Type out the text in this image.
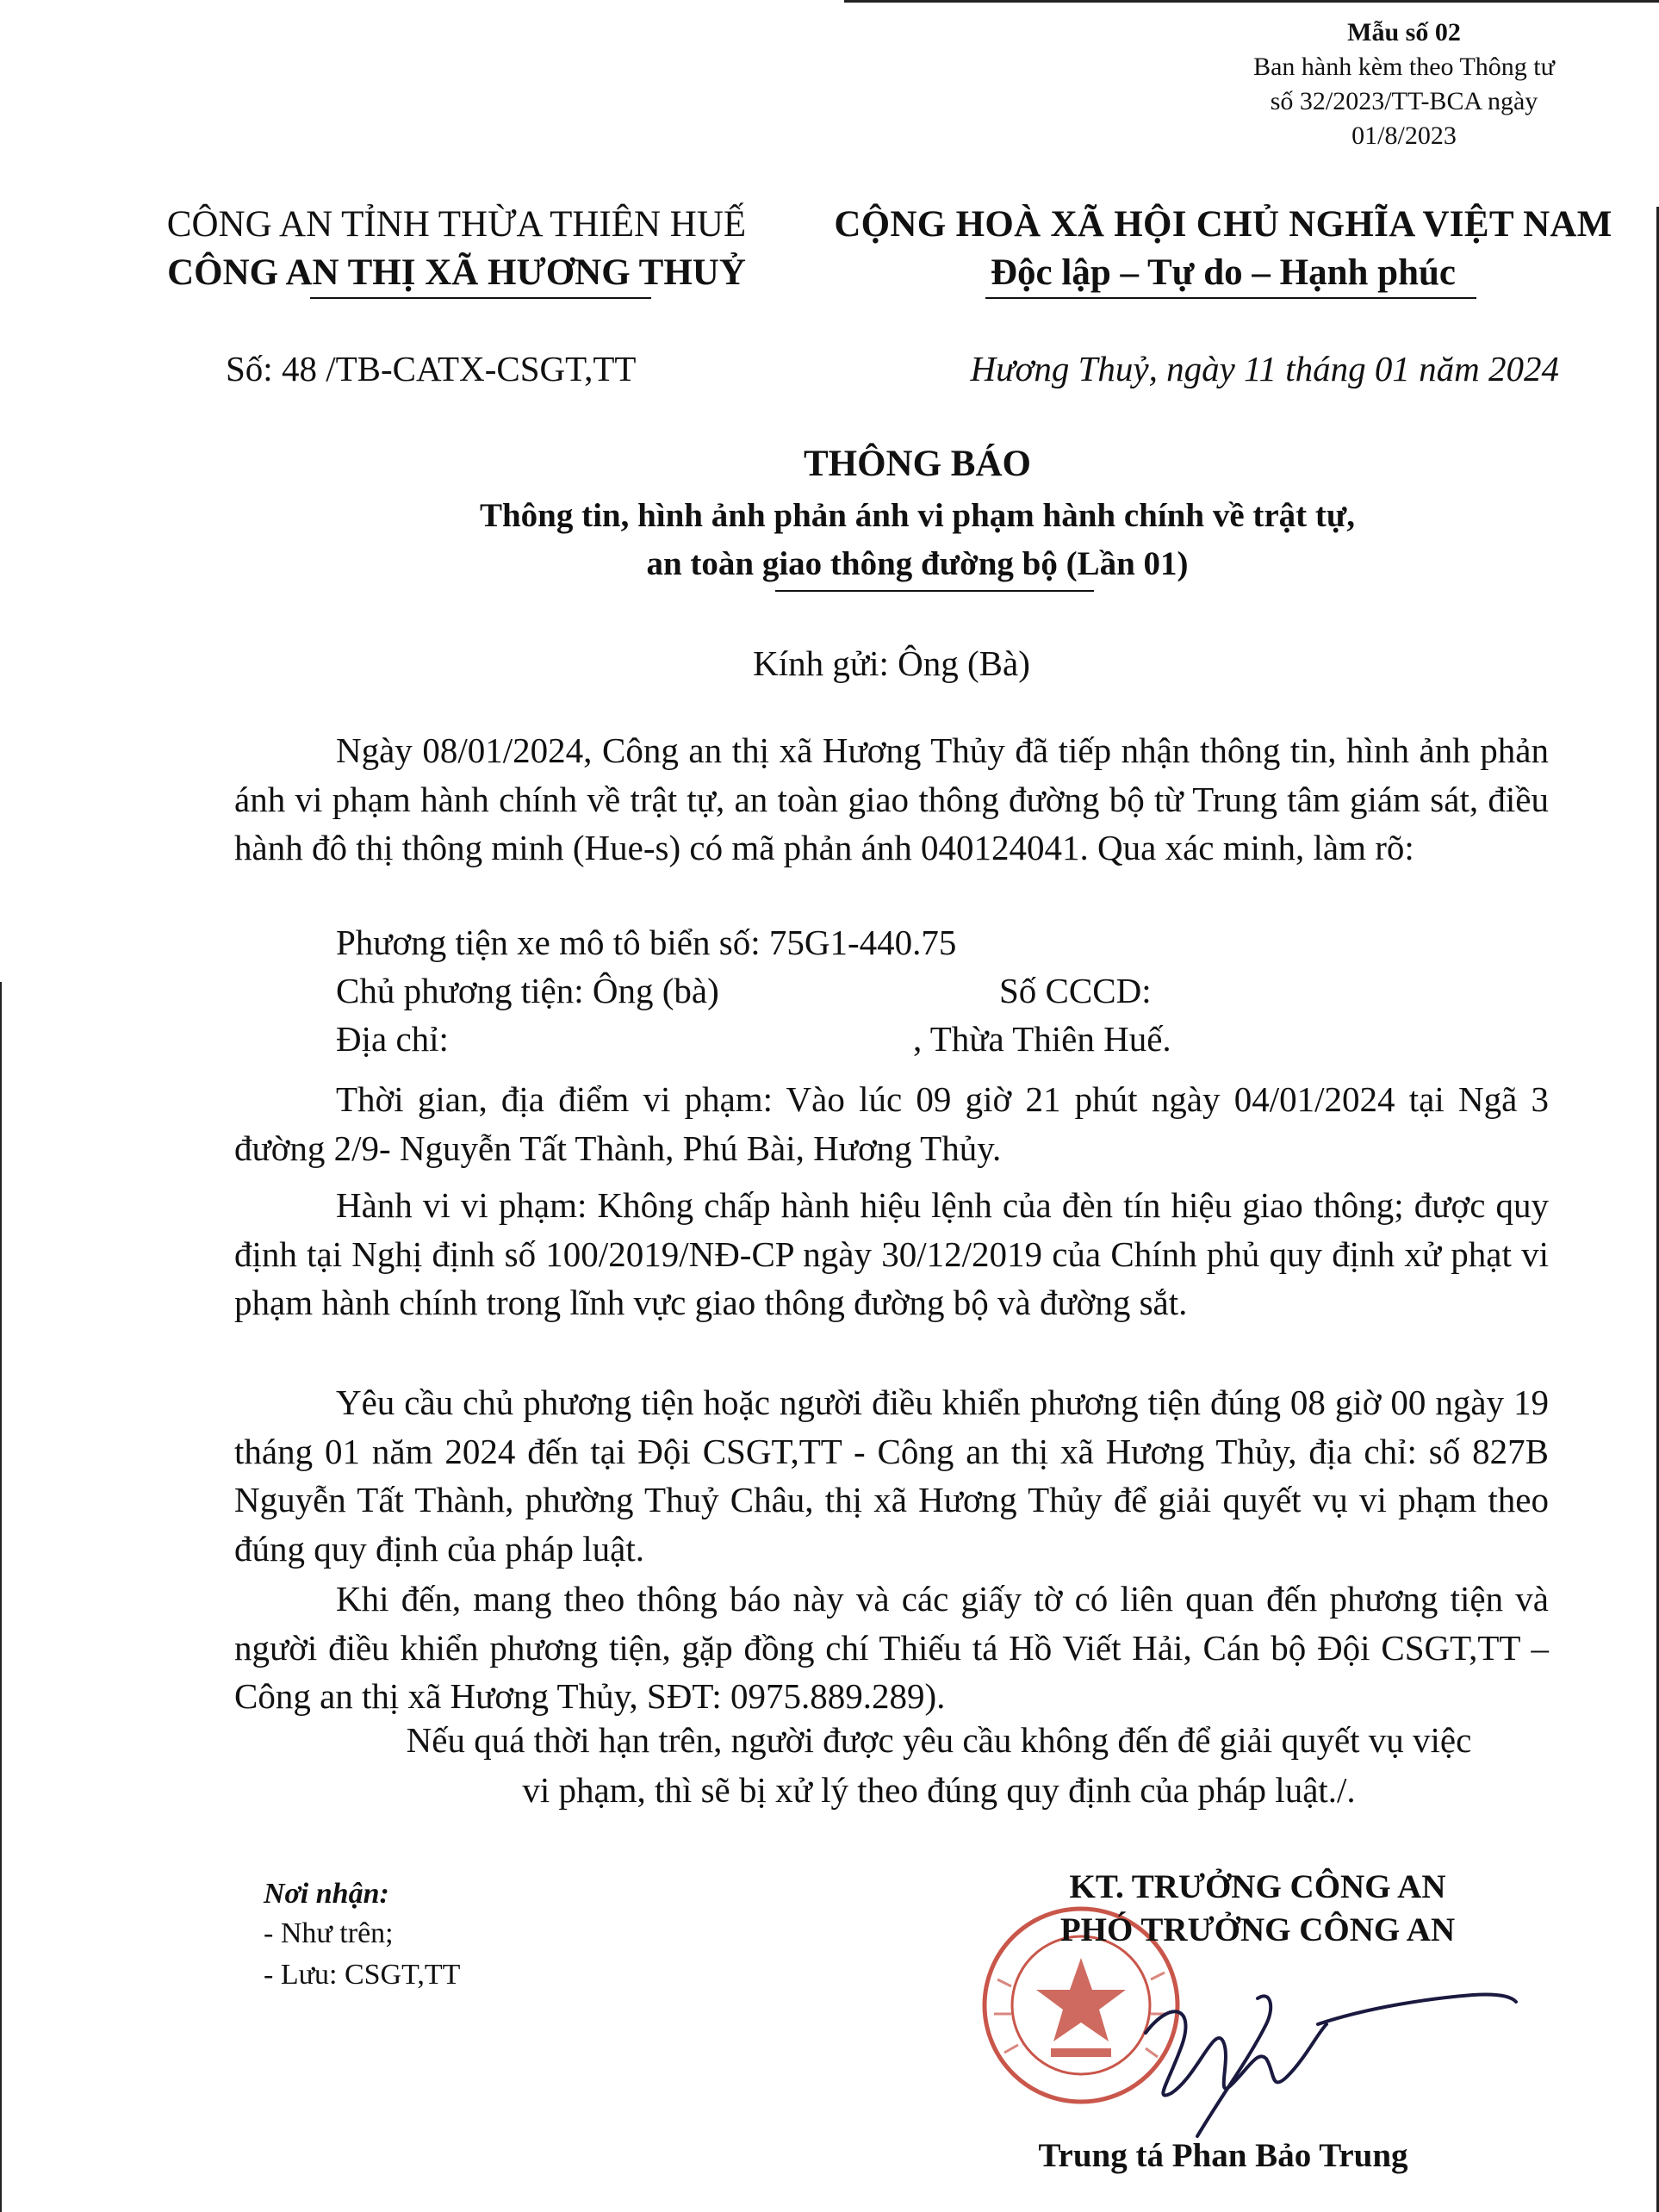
Mẫu số 02
Ban hành kèm theo Thông tư
số 32/2023/TT-BCA ngày
01/8/2023
CÔNG AN TỈNH THỪA THIÊN HUẾ
CÔNG AN THỊ XÃ HƯƠNG THUỶ
CỘNG HOÀ XÃ HỘI CHỦ NGHĨA VIỆT NAM
Độc lập – Tự do – Hạnh phúc
Số: 48 /TB-CATX-CSGT,TT	Hương Thuỷ, ngày 11 tháng 01 năm 2024
THÔNG BÁO
Thông tin, hình ảnh phản ánh vi phạm hành chính về trật tự,
an toàn giao thông đường bộ (Lần 01)
Kính gửi: Ông (Bà)
Ngày 08/01/2024, Công an thị xã Hương Thủy đã tiếp nhận thông tin, hình ảnh phản ánh vi phạm hành chính về trật tự, an toàn giao thông đường bộ từ Trung tâm giám sát, điều hành đô thị thông minh (Hue-s) có mã phản ánh 040124041. Qua xác minh, làm rõ:
Phương tiện xe mô tô biển số: 75G1-440.75
Chủ phương tiện: Ông (bà)	Số CCCD:
Địa chỉ:	, Thừa Thiên Huế.
Thời gian, địa điểm vi phạm: Vào lúc 09 giờ 21 phút ngày 04/01/2024 tại Ngã 3 đường 2/9- Nguyễn Tất Thành, Phú Bài, Hương Thủy.
Hành vi vi phạm: Không chấp hành hiệu lệnh của đèn tín hiệu giao thông; được quy định tại Nghị định số 100/2019/NĐ-CP ngày 30/12/2019 của Chính phủ quy định xử phạt vi phạm hành chính trong lĩnh vực giao thông đường bộ và đường sắt.
Yêu cầu chủ phương tiện hoặc người điều khiển phương tiện đúng 08 giờ 00 ngày 19 tháng 01 năm 2024 đến tại Đội CSGT,TT - Công an thị xã Hương Thủy, địa chỉ: số 827B Nguyễn Tất Thành, phường Thuỷ Châu, thị xã Hương Thủy để giải quyết vụ vi phạm theo đúng quy định của pháp luật.
Khi đến, mang theo thông báo này và các giấy tờ có liên quan đến phương tiện và người điều khiển phương tiện, gặp đồng chí Thiếu tá Hồ Viết Hải, Cán bộ Đội CSGT,TT – Công an thị xã Hương Thủy, SĐT: 0975.889.289).
Nếu quá thời hạn trên, người được yêu cầu không đến để giải quyết vụ việc
vi phạm, thì sẽ bị xử lý theo đúng quy định của pháp luật./.
Nơi nhận:
- Như trên;
- Lưu: CSGT,TT
KT. TRƯỞNG CÔNG AN
PHÓ TRƯỞNG CÔNG AN
Trung tá Phan Bảo Trung
